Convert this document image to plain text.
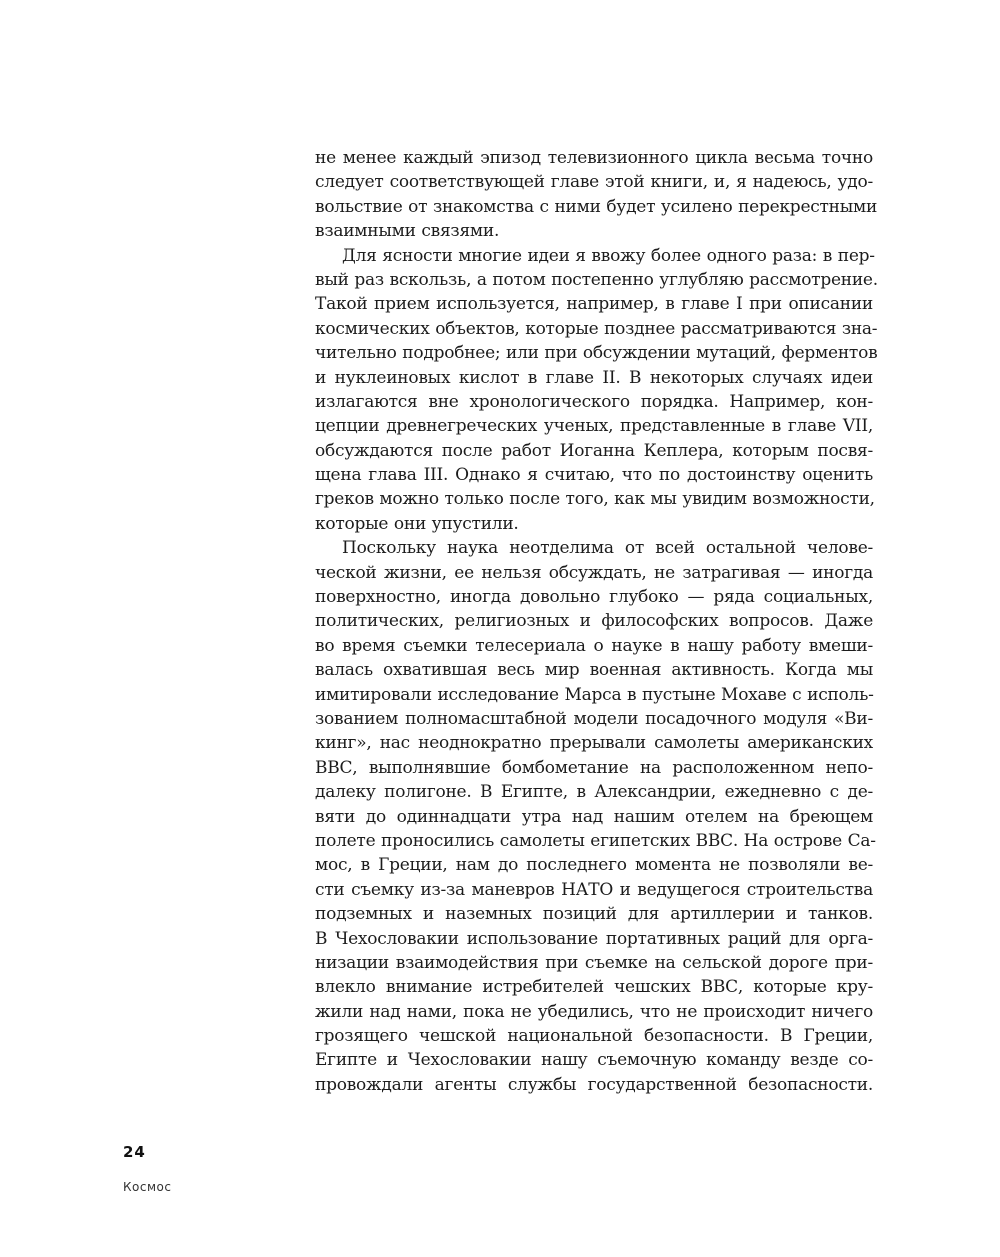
не менее каждый эпизод телевизионного цикла весьма точно
следует соответствующей главе этой книги, и, я надеюсь, удо-
вольствие от знакомства с ними будет усилено перекрестными
взаимными связями.
Для ясности многие идеи я ввожу более одного раза: в пер-
вый раз вскользь, а потом постепенно углубляю рассмотрение.
Такой прием используется, например, в главе I при описании
космических объектов, которые позднее рассматриваются зна-
чительно подробнее; или при обсуждении мутаций, ферментов
и нуклеиновых кислот в главе II. В некоторых случаях идеи
излагаются вне хронологического порядка. Например, кон-
цепции древнегреческих ученых, представленные в главе VII,
обсуждаются после работ Иоганна Кеплера, которым посвя-
щена глава III. Однако я считаю, что по достоинству оценить
греков можно только после того, как мы увидим возможности,
которые они упустили.
Поскольку наука неотделима от всей остальной челове-
ческой жизни, ее нельзя обсуждать, не затрагивая — иногда
поверхностно, иногда довольно глубоко — ряда социальных,
политических, религиозных и философских вопросов. Даже
во время съемки телесериала о науке в нашу работу вмеши-
валась охватившая весь мир военная активность. Когда мы
имитировали исследование Марса в пустыне Мохаве с исполь-
зованием полномасштабной модели посадочного модуля «Ви-
кинг», нас неоднократно прерывали самолеты американских
ВВС, выполнявшие бомбометание на расположенном непо-
далеку полигоне. В Египте, в Александрии, ежедневно с де-
вяти до одиннадцати утра над нашим отелем на бреющем
полете проносились самолеты египетских ВВС. На острове Са-
мос, в Греции, нам до последнего момента не позволяли ве-
сти съемку из-за маневров НАТО и ведущегося строительства
подземных и наземных позиций для артиллерии и танков.
В Чехословакии использование портативных раций для орга-
низации взаимодействия при съемке на сельской дороге при-
влекло внимание истребителей чешских ВВС, которые кру-
жили над нами, пока не убедились, что не происходит ничего
грозящего чешской национальной безопасности. В Греции,
Египте и Чехословакии нашу съемочную команду везде со-
провождали агенты службы государственной безопасности.
24
Космос
